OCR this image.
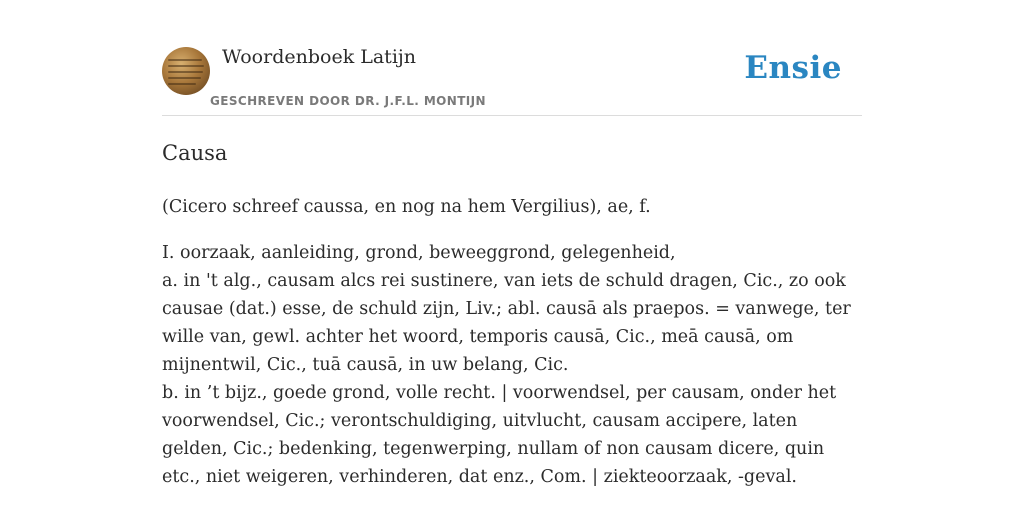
Woordenboek Latijn
GESCHREVEN DOOR DR. J.F.L. MONTIJN
Ensie
Causa

(Cicero schreef caussa, en nog na hem Vergilius), ae, f.

I. oorzaak, aanleiding, grond, beweeggrond, gelegenheid,

a. in 't alg., causam alcs rei sustinere, van iets de schuld dragen, Cic., zo ook causae (dat.) esse, de schuld zijn, Liv.; abl. causā als praepos. = vanwege, ter wille van, gewl. achter het woord, temporis causā, Cic., meā causā, om mijnentwil, Cic., tuā causā, in uw belang, Cic.

b. in ’t bijz., goede grond, volle recht. | voorwendsel, per causam, onder het voorwendsel, Cic.; verontschuldiging, uitvlucht, causam accipere, laten gelden, Cic.; bedenking, tegenwerping, nullam of non causam dicere, quin etc., niet weigeren, verhinderen, dat enz., Com. | ziekteoorzaak, -geval.
